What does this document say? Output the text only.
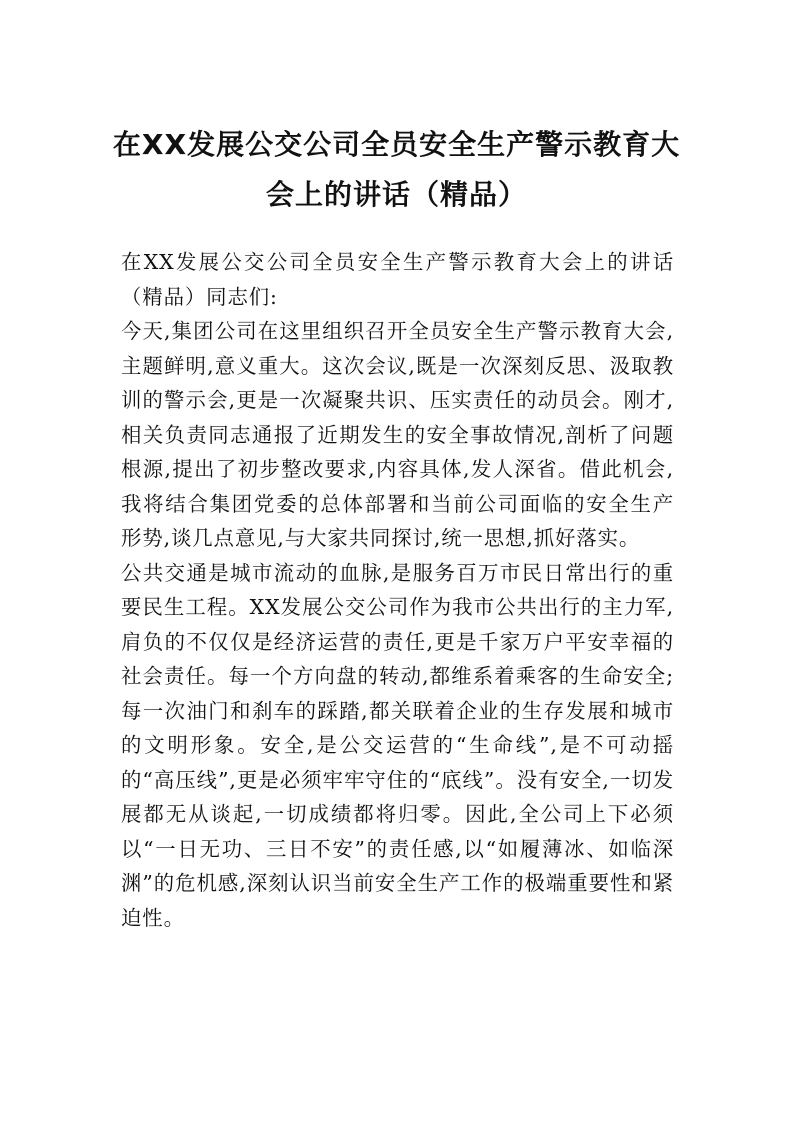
在XX发展公交公司全员安全生产警示教育大会上的讲话（精品）

在XX发展公交公司全员安全生产警示教育大会上的讲话（精品）同志们:

今天,集团公司在这里组织召开全员安全生产警示教育大会,主题鲜明,意义重大。这次会议,既是一次深刻反思、汲取教训的警示会,更是一次凝聚共识、压实责任的动员会。刚才,相关负责同志通报了近期发生的安全事故情况,剖析了问题根源,提出了初步整改要求,内容具体,发人深省。借此机会,我将结合集团党委的总体部署和当前公司面临的安全生产形势,谈几点意见,与大家共同探讨,统一思想,抓好落实。

公共交通是城市流动的血脉,是服务百万市民日常出行的重要民生工程。XX发展公交公司作为我市公共出行的主力军,肩负的不仅仅是经济运营的责任,更是千家万户平安幸福的社会责任。每一个方向盘的转动,都维系着乘客的生命安全;每一次油门和刹车的踩踏,都关联着企业的生存发展和城市的文明形象。安全,是公交运营的“生命线”,是不可动摇的“高压线”,更是必须牢牢守住的“底线”。没有安全,一切发展都无从谈起,一切成绩都将归零。因此,全公司上下必须以“一日无功、三日不安”的责任感,以“如履薄冰、如临深渊”的危机感,深刻认识当前安全生产工作的极端重要性和紧迫性。
